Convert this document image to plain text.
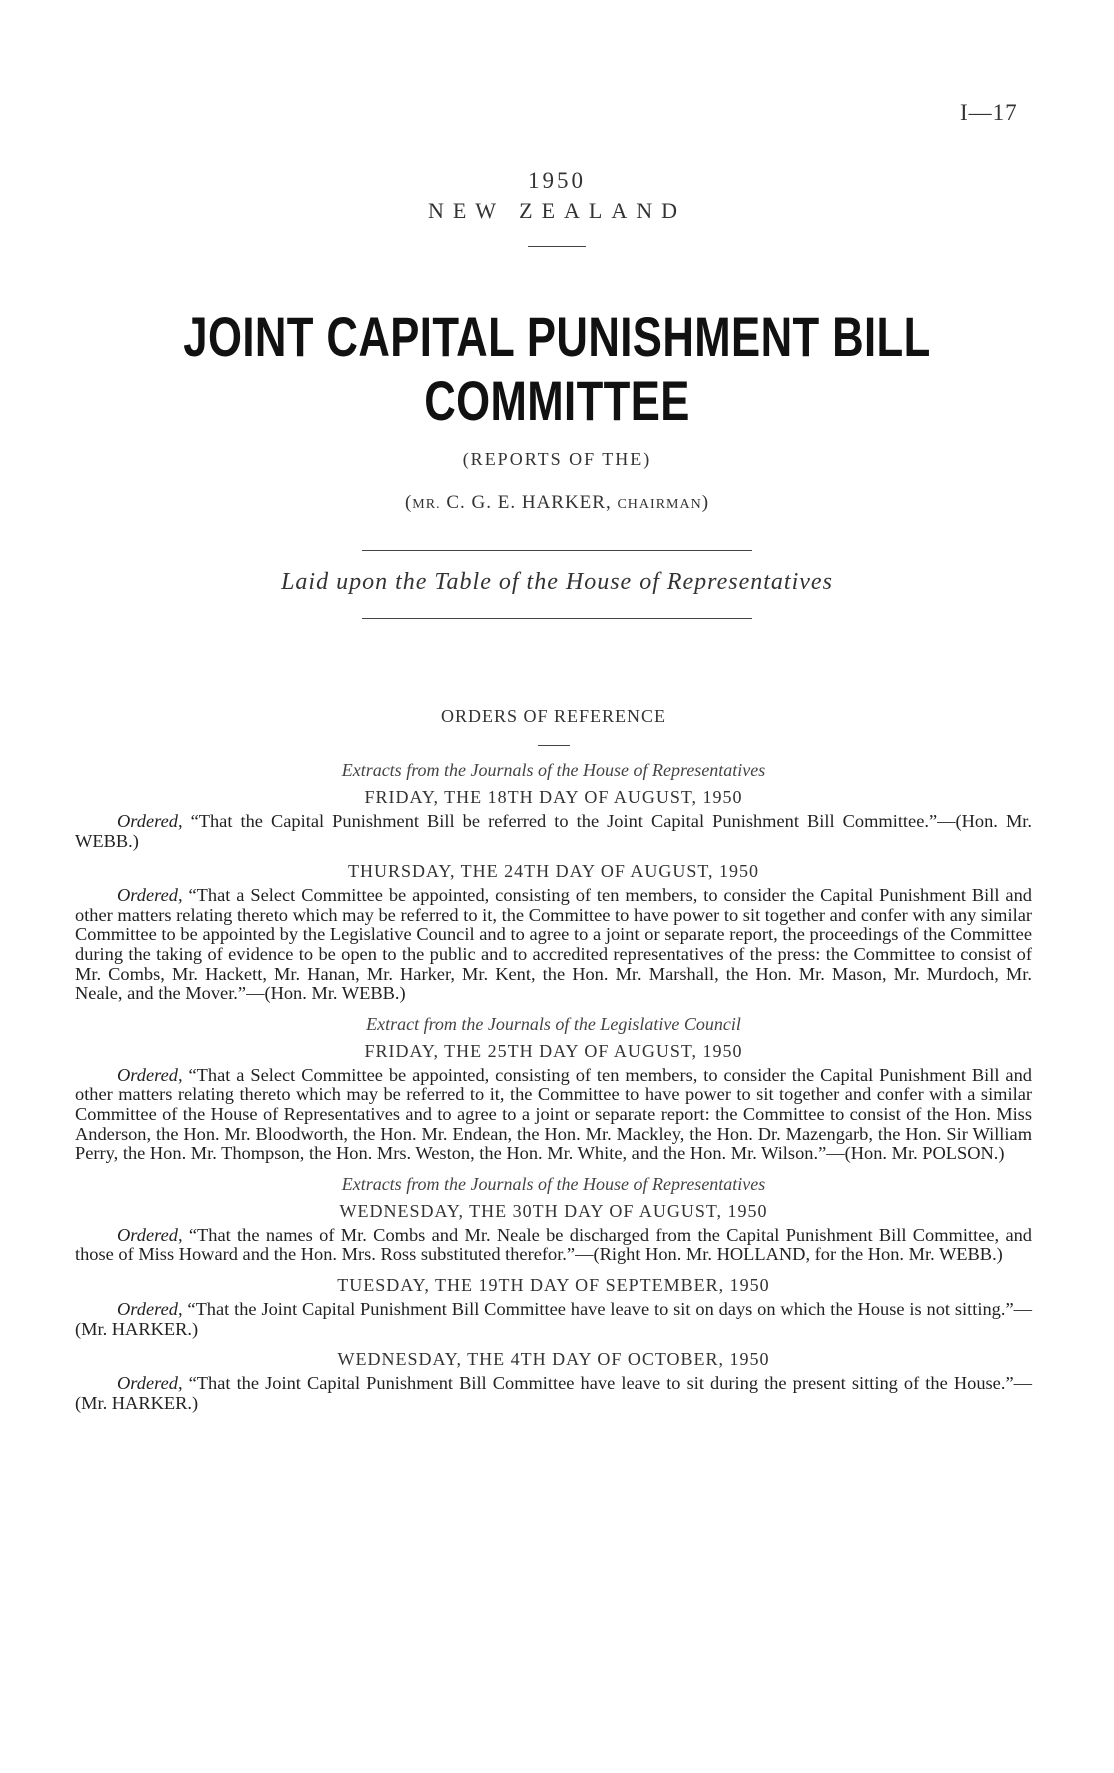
I—17
1950
NEW ZEALAND
JOINT CAPITAL PUNISHMENT BILL
COMMITTEE
(REPORTS OF THE)
(MR. C. G. E. HARKER, CHAIRMAN)
Laid upon the Table of the House of Representatives
ORDERS OF REFERENCE
Extracts from the Journals of the House of Representatives
FRIDAY, THE 18TH DAY OF AUGUST, 1950
Ordered, “That the Capital Punishment Bill be referred to the Joint Capital Punishment Bill Committee.”—(Hon. Mr. WEBB.)
THURSDAY, THE 24TH DAY OF AUGUST, 1950
Ordered, “That a Select Committee be appointed, consisting of ten members, to consider the Capital Punishment Bill and other matters relating thereto which may be referred to it, the Committee to have power to sit together and confer with any similar Committee to be appointed by the Legislative Council and to agree to a joint or separate report, the proceedings of the Committee during the taking of evidence to be open to the public and to accredited representatives of the press: the Committee to consist of Mr. Combs, Mr. Hackett, Mr. Hanan, Mr. Harker, Mr. Kent, the Hon. Mr. Marshall, the Hon. Mr. Mason, Mr. Murdoch, Mr. Neale, and the Mover.”—(Hon. Mr. WEBB.)
Extract from the Journals of the Legislative Council
FRIDAY, THE 25TH DAY OF AUGUST, 1950
Ordered, “That a Select Committee be appointed, consisting of ten members, to consider the Capital Punishment Bill and other matters relating thereto which may be referred to it, the Committee to have power to sit together and confer with a similar Committee of the House of Representatives and to agree to a joint or separate report: the Committee to consist of the Hon. Miss Anderson, the Hon. Mr. Bloodworth, the Hon. Mr. Endean, the Hon. Mr. Mackley, the Hon. Dr. Mazengarb, the Hon. Sir William Perry, the Hon. Mr. Thompson, the Hon. Mrs. Weston, the Hon. Mr. White, and the Hon. Mr. Wilson.”—(Hon. Mr. POLSON.)
Extracts from the Journals of the House of Representatives
WEDNESDAY, THE 30TH DAY OF AUGUST, 1950
Ordered, “That the names of Mr. Combs and Mr. Neale be discharged from the Capital Punishment Bill Committee, and those of Miss Howard and the Hon. Mrs. Ross substituted therefor.”—(Right Hon. Mr. HOLLAND, for the Hon. Mr. WEBB.)
TUESDAY, THE 19TH DAY OF SEPTEMBER, 1950
Ordered, “That the Joint Capital Punishment Bill Committee have leave to sit on days on which the House is not sitting.”—(Mr. HARKER.)
WEDNESDAY, THE 4TH DAY OF OCTOBER, 1950
Ordered, “That the Joint Capital Punishment Bill Committee have leave to sit during the present sitting of the House.”—(Mr. HARKER.)
